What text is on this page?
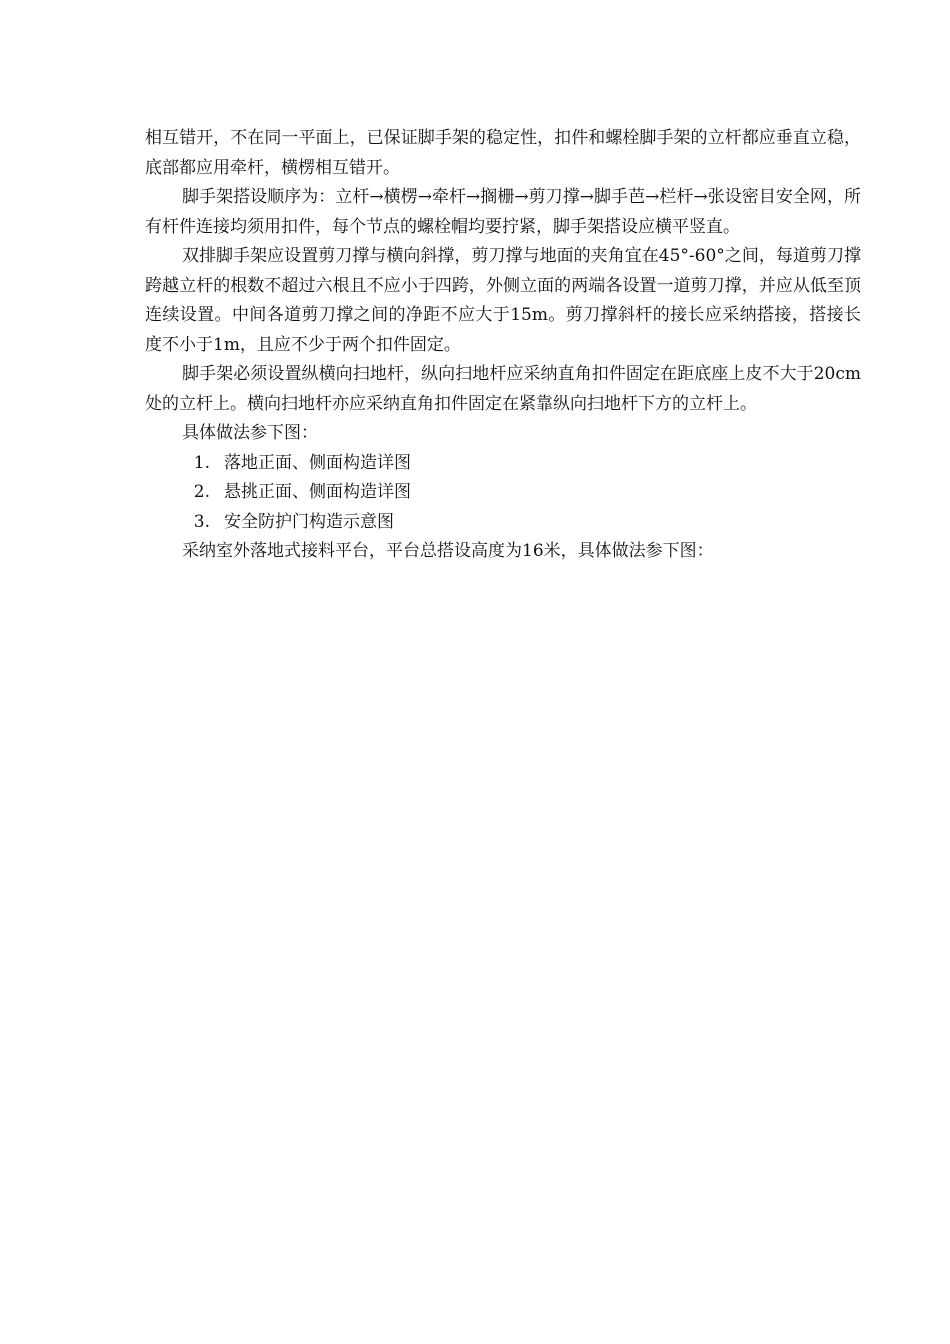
相互错开，不在同一平面上，已保证脚手架的稳定性，扣件和螺栓脚手架的立杆都应垂直立稳，底部都应用牵杆，横楞相互错开。

脚手架搭设顺序为：立杆→横楞→牵杆→搁栅→剪刀撑→脚手芭→栏杆→张设密目安全网，所有杆件连接均须用扣件，每个节点的螺栓帽均要拧紧，脚手架搭设应横平竖直。

双排脚手架应设置剪刀撑与横向斜撑，剪刀撑与地面的夹角宜在45°-60°之间，每道剪刀撑跨越立杆的根数不超过六根且不应小于四跨，外侧立面的两端各设置一道剪刀撑，并应从低至顶连续设置。中间各道剪刀撑之间的净距不应大于15m。剪刀撑斜杆的接长应采纳搭接，搭接长度不小于1m，且应不少于两个扣件固定。

脚手架必须设置纵横向扫地杆，纵向扫地杆应采纳直角扣件固定在距底座上皮不大于20cm处的立杆上。横向扫地杆亦应采纳直角扣件固定在紧靠纵向扫地杆下方的立杆上。

具体做法参下图：

1. 落地正面、侧面构造详图
2. 悬挑正面、侧面构造详图
3. 安全防护门构造示意图

采纳室外落地式接料平台，平台总搭设高度为16米，具体做法参下图：
